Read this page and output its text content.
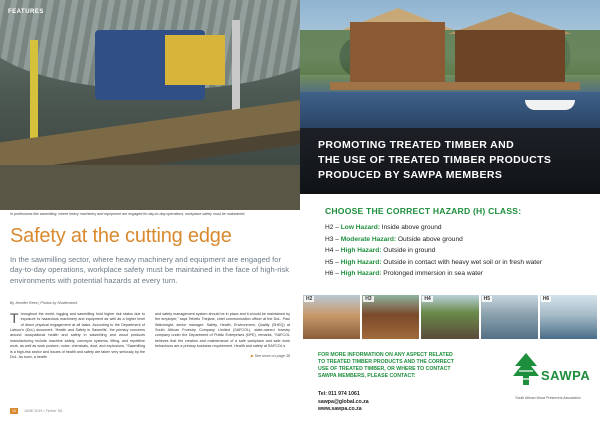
FEATURES

In professions like sawmilling, where heavy machinery and equipment are engaged for day-to-day operations, workplace safety must be maintained.

Safety at the cutting edge

In the sawmilling sector, where heavy machinery and equipment are engaged for day-to-day operations, workplace safety must be maintained in the face of high-risk environments with potential hazards at every turn.

By Jennifer Rees | Photos by Shutterstock

Throughout the world, logging and sawmilling hold higher risk status due to exposure to hazardous machinery and equipment as well as a higher level of direct physical engagement at all tasks. According to the Department of Labour's (DoL) document, 'Health and Safety in Sawmills', the primary concerns around occupational health and safety in sawmilling and wood products manufacturing include machine safety, conveyor systems, lifting, and repetitive work, as well as work posture, noise, chemicals, dust, and explosions. "Sawmilling is a high-risk sector and issues of health and safety are taken very seriously by the DoL. As such, a health
and safety management system should be in place and it should be maintained by the employer," says Tebello Thejane, chief communication officer at the DoL. Paul Wainwright, senior manager: Safety, Health, Environment, Quality (SHEQ) at South African Forestry Company Limited (SAFCOL), state-owned forestry company under the Department of Public Enterprises (DPE), remarks, "SAFCOL believes that the creation and maintenance of a safe workplace and safe work behaviours are a primary business requirement. Health and safety at SAFCOL's
▶ See more on page 38
10	JUNE 2019 • Timber SA
PROMOTING TREATED TIMBER AND
THE USE OF TREATED TIMBER PRODUCTS
PRODUCED BY SAWPA MEMBERS
CHOOSE THE CORRECT HAZARD (H) CLASS:
H2 – Low Hazard: Inside above ground
H3 – Moderate Hazard: Outside above ground
H4 – High Hazard: Outside in ground
H5 – High Hazard: Outside in contact with heavy wet soil or in fresh water
H6 – High Hazard: Prolonged immersion in sea water
H2	H3	H4	H5	H6
FOR MORE INFORMATION ON ANY ASPECT RELATED
TO TREATED TIMBER PRODUCTS AND THE CORRECT
USE OF TREATED TIMBER, OR WHERE TO CONTACT
SAWPA MEMBERS, PLEASE CONTACT:
Tel: 011 974 1061
sawpa@global.co.za
www.sawpa.co.za
SAWPA
South African Wood Preservers Association
